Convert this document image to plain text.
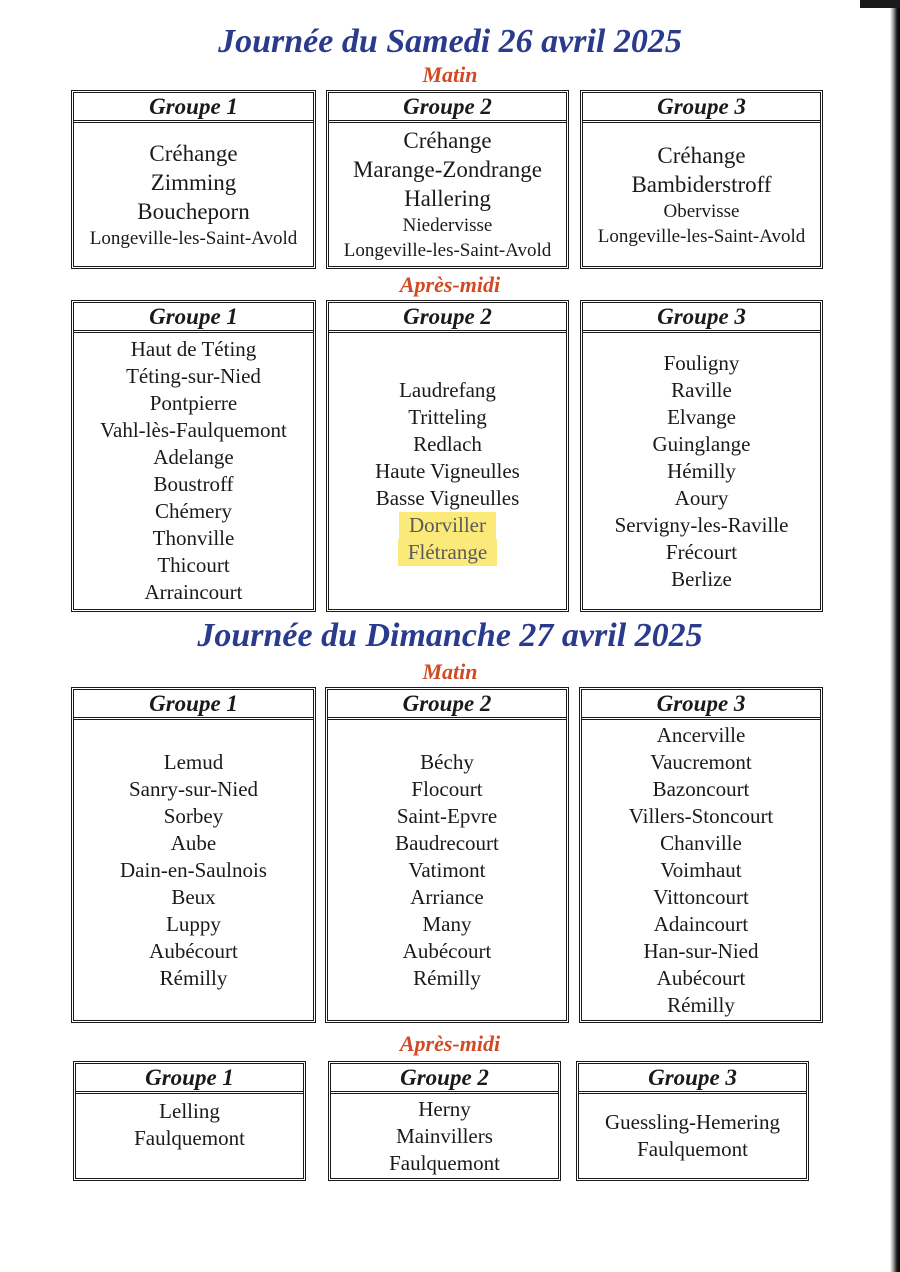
Journée du Samedi 26 avril 2025
Matin
Groupe 1
Créhange
Zimming
Boucheporn
Longeville-les-Saint-Avold
Groupe 2
Créhange
Marange-Zondrange
Hallering
Niedervisse
Longeville-les-Saint-Avold
Groupe 3
Créhange
Bambiderstroff
Obervisse
Longeville-les-Saint-Avold
Après-midi
Groupe 1
Haut de Téting
Téting-sur-Nied
Pontpierre
Vahl-lès-Faulquemont
Adelange
Boustroff
Chémery
Thonville
Thicourt
Arraincourt
Groupe 2
Laudrefang
Tritteling
Redlach
Haute Vigneulles
Basse Vigneulles
Dorviller
Flétrange
Groupe 3
Fouligny
Raville
Elvange
Guinglange
Hémilly
Aoury
Servigny-les-Raville
Frécourt
Berlize
Journée du Dimanche 27 avril 2025
Matin
Groupe 1
Lemud
Sanry-sur-Nied
Sorbey
Aube
Dain-en-Saulnois
Beux
Luppy
Aubécourt
Rémilly
Groupe 2
Béchy
Flocourt
Saint-Epvre
Baudrecourt
Vatimont
Arriance
Many
Aubécourt
Rémilly
Groupe 3
Ancerville
Vaucremont
Bazoncourt
Villers-Stoncourt
Chanville
Voimhaut
Vittoncourt
Adaincourt
Han-sur-Nied
Aubécourt
Rémilly
Après-midi
Groupe 1
Lelling
Faulquemont
Groupe 2
Herny
Mainvillers
Faulquemont
Groupe 3
Guessling-Hemering
Faulquemont
